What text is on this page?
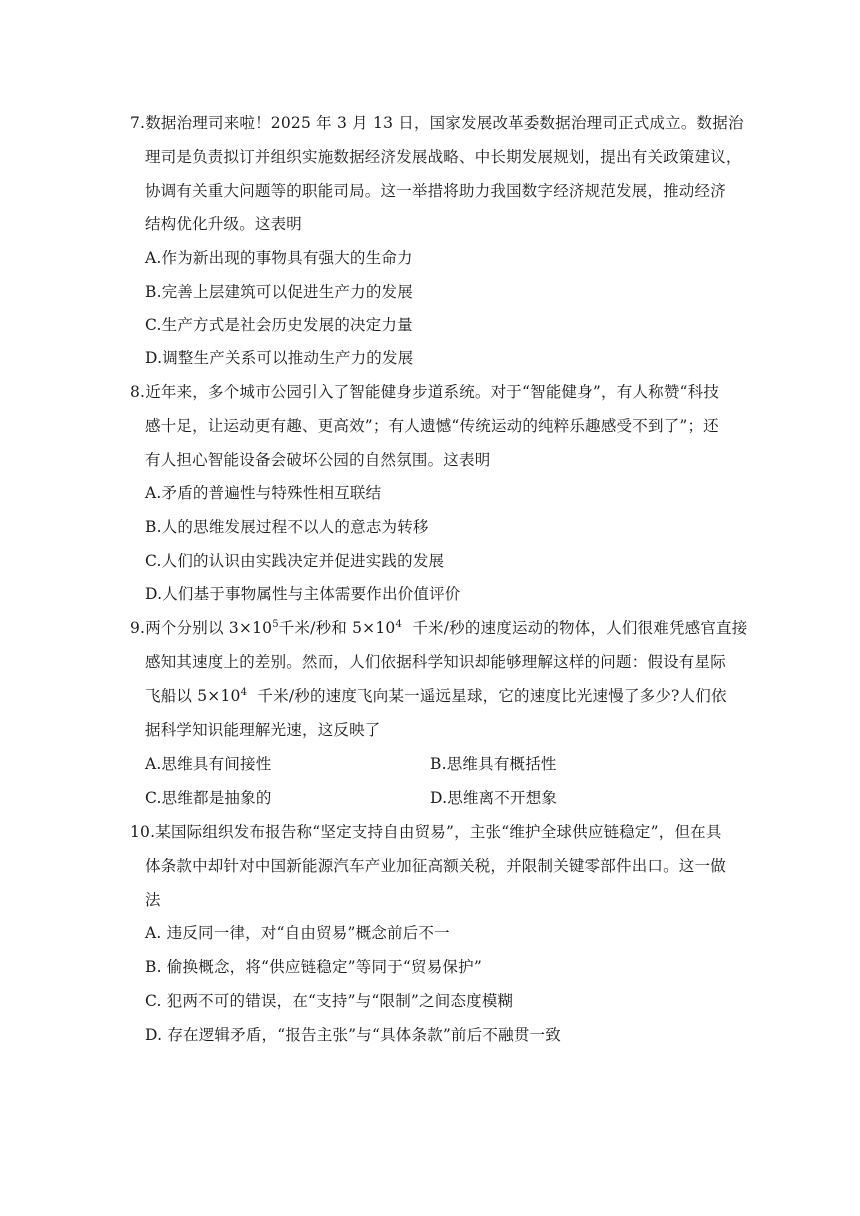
7.数据治理司来啦！2025 年 3 月 13 日，国家发展改革委数据治理司正式成立。数据治
理司是负责拟订并组织实施数据经济发展战略、中长期发展规划，提出有关政策建议，
协调有关重大问题等的职能司局。这一举措将助力我国数字经济规范发展，推动经济
结构优化升级。这表明
A.作为新出现的事物具有强大的生命力
B.完善上层建筑可以促进生产力的发展
C.生产方式是社会历史发展的决定力量
D.调整生产关系可以推动生产力的发展
8.近年来，多个城市公园引入了智能健身步道系统。对于“智能健身”，有人称赞“科技
感十足，让运动更有趣、更高效”；有人遗憾“传统运动的纯粹乐趣感受不到了”；还
有人担心智能设备会破坏公园的自然氛围。这表明
A.矛盾的普遍性与特殊性相互联结
B.人的思维发展过程不以人的意志为转移
C.人们的认识由实践决定并促进实践的发展
D.人们基于事物属性与主体需要作出价值评价
9.两个分别以 $3\times 10^5$千米/秒和 $5\times 10^4$  千米/秒的速度运动的物体，人们很难凭感官直接
感知其速度上的差别。然而，人们依据科学知识却能够理解这样的问题：假设有星际
飞船以 $5\times 10^4$  千米/秒的速度飞向某一遥远星球，它的速度比光速慢了多少?人们依
据科学知识能理解光速，这反映了
A.思维具有间接性	B.思维具有概括性
C.思维都是抽象的	D.思维离不开想象
10.某国际组织发布报告称“坚定支持自由贸易”，主张“维护全球供应链稳定”，但在具
体条款中却针对中国新能源汽车产业加征高额关税，并限制关键零部件出口。这一做
法
A. 违反同一律，对“自由贸易”概念前后不一
B. 偷换概念，将“供应链稳定”等同于“贸易保护”
C. 犯两不可的错误，在“支持”与“限制”之间态度模糊
D. 存在逻辑矛盾，“报告主张”与“具体条款”前后不融贯一致
